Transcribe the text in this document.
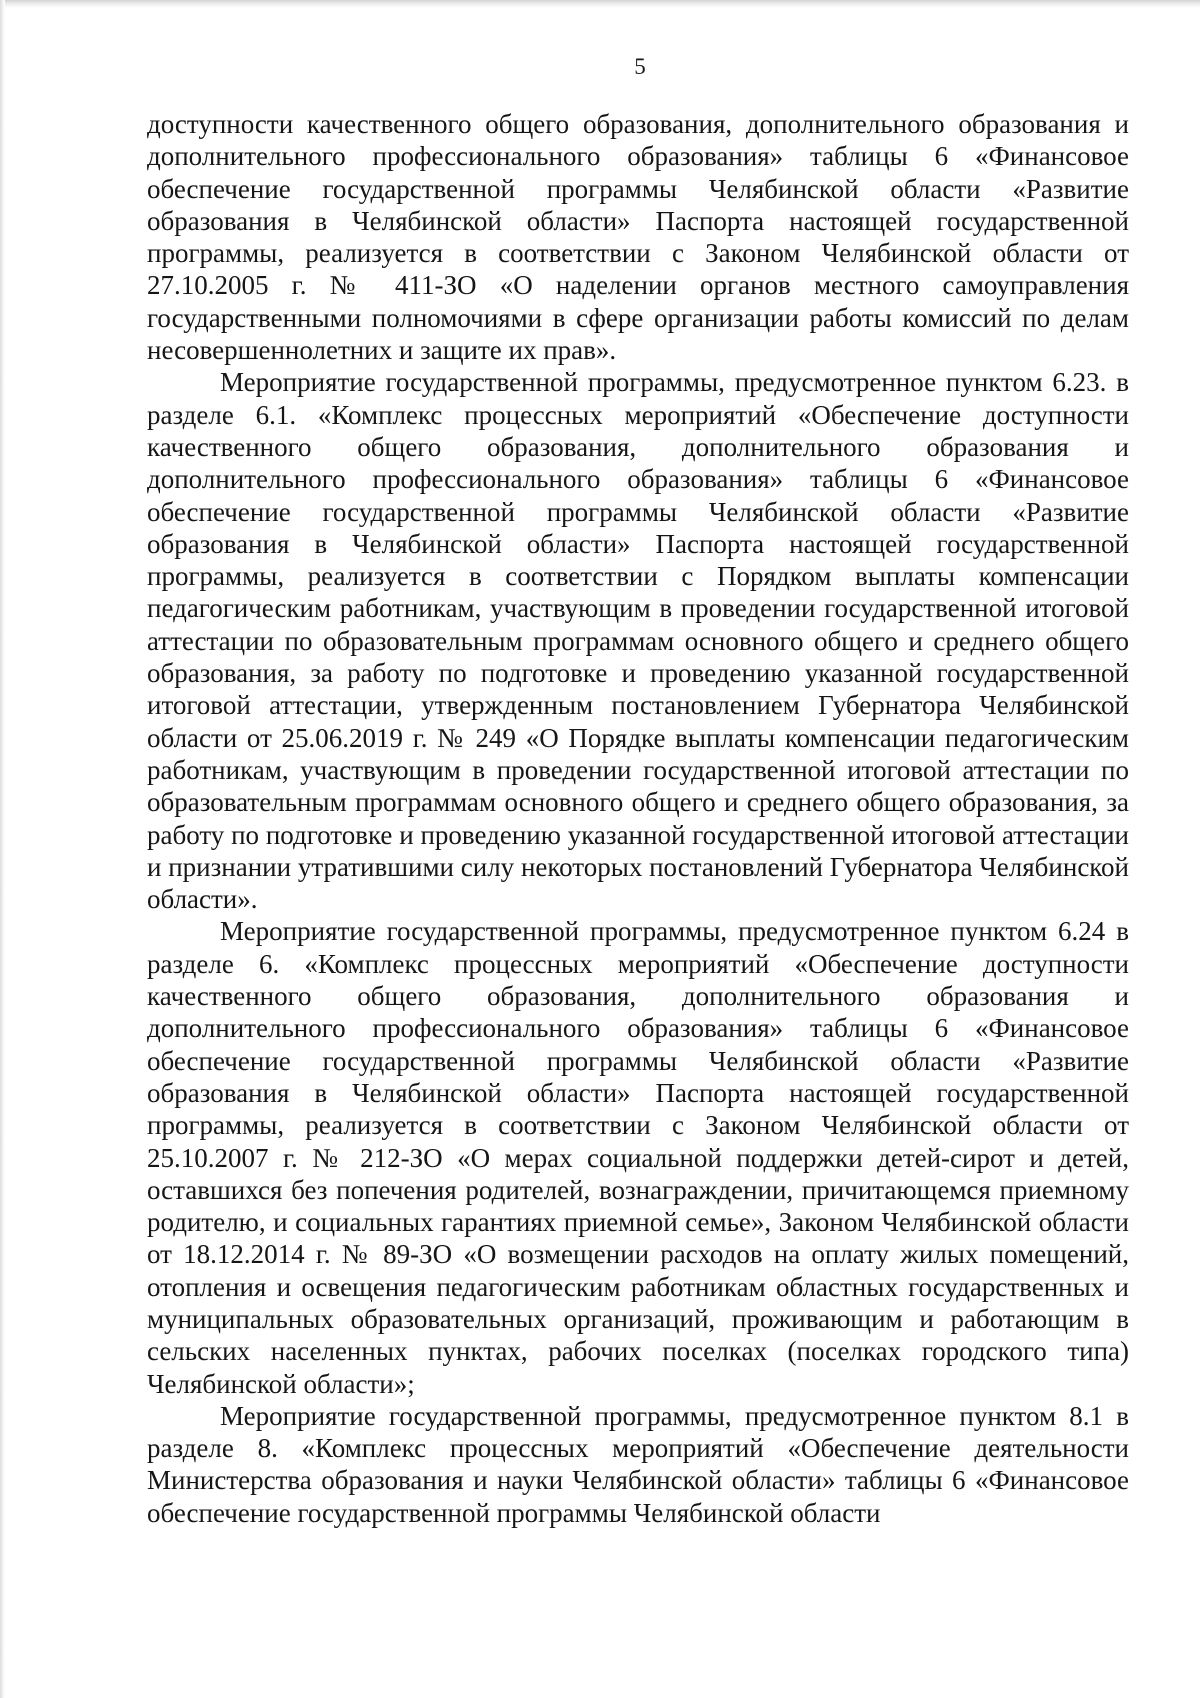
5

доступности качественного общего образования, дополнительного образования и дополнительного профессионального образования» таблицы 6 «Финансовое обеспечение государственной программы Челябинской области «Развитие образования в Челябинской области» Паспорта настоящей государственной программы, реализуется в соответствии с Законом Челябинской области от 27.10.2005 г. № 411-ЗО «О наделении органов местного самоуправления государственными полномочиями в сфере организации работы комиссий по делам несовершеннолетних и защите их прав».

Мероприятие государственной программы, предусмотренное пунктом 6.23. в разделе 6.1. «Комплекс процессных мероприятий «Обеспечение доступности качественного общего образования, дополнительного образования и дополнительного профессионального образования» таблицы 6 «Финансовое обеспечение государственной программы Челябинской области «Развитие образования в Челябинской области» Паспорта настоящей государственной программы, реализуется в соответствии с Порядком выплаты компенсации педагогическим работникам, участвующим в проведении государственной итоговой аттестации по образовательным программам основного общего и среднего общего образования, за работу по подготовке и проведению указанной государственной итоговой аттестации, утвержденным постановлением Губернатора Челябинской области от 25.06.2019 г. № 249 «О Порядке выплаты компенсации педагогическим работникам, участвующим в проведении государственной итоговой аттестации по образовательным программам основного общего и среднего общего образования, за работу по подготовке и проведению указанной государственной итоговой аттестации и признании утратившими силу некоторых постановлений Губернатора Челябинской области».

Мероприятие государственной программы, предусмотренное пунктом 6.24 в разделе 6. «Комплекс процессных мероприятий «Обеспечение доступности качественного общего образования, дополнительного образования и дополнительного профессионального образования» таблицы 6 «Финансовое обеспечение государственной программы Челябинской области «Развитие образования в Челябинской области» Паспорта настоящей государственной программы, реализуется в соответствии с Законом Челябинской области от 25.10.2007 г. № 212-ЗО «О мерах социальной поддержки детей-сирот и детей, оставшихся без попечения родителей, вознаграждении, причитающемся приемному родителю, и социальных гарантиях приемной семье», Законом Челябинской области от 18.12.2014 г. № 89-ЗО «О возмещении расходов на оплату жилых помещений, отопления и освещения педагогическим работникам областных государственных и муниципальных образовательных организаций, проживающим и работающим в сельских населенных пунктах, рабочих поселках (поселках городского типа) Челябинской области»;

Мероприятие государственной программы, предусмотренное пунктом 8.1 в разделе 8. «Комплекс процессных мероприятий «Обеспечение деятельности Министерства образования и науки Челябинской области» таблицы 6 «Финансовое обеспечение государственной программы Челябинской области
